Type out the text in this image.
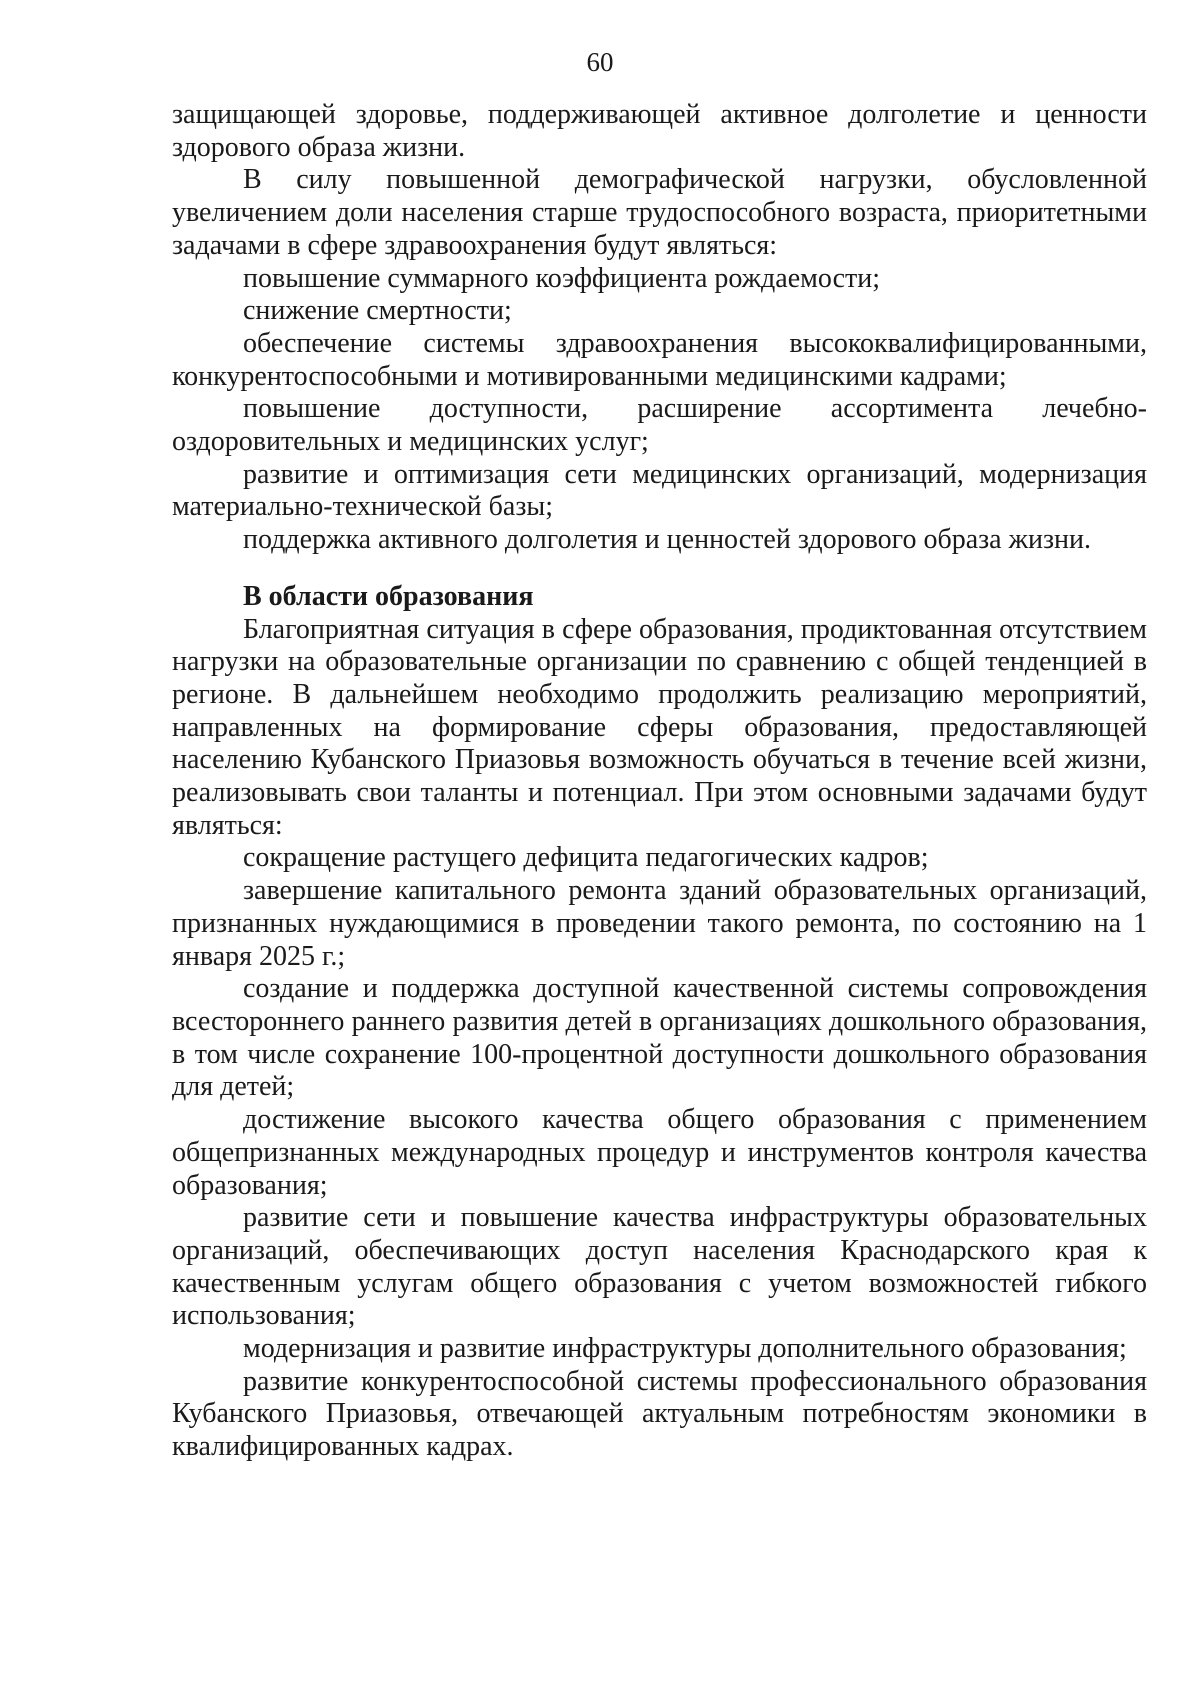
60

защищающей здоровье, поддерживающей активное долголетие и ценности здорового образа жизни.

В силу повышенной демографической нагрузки, обусловленной увеличением доли населения старше трудоспособного возраста, приоритетными задачами в сфере здравоохранения будут являться:

повышение суммарного коэффициента рождаемости;

снижение смертности;

обеспечение системы здравоохранения высококвалифицированными, конкурентоспособными и мотивированными медицинскими кадрами;

повышение доступности, расширение ассортимента лечебно-оздоровительных и медицинских услуг;

развитие и оптимизация сети медицинских организаций, модернизация материально-технической базы;

поддержка активного долголетия и ценностей здорового образа жизни.

В области образования

Благоприятная ситуация в сфере образования, продиктованная отсутствием нагрузки на образовательные организации по сравнению с общей тенденцией в регионе. В дальнейшем необходимо продолжить реализацию мероприятий, направленных на формирование сферы образования, предоставляющей населению Кубанского Приазовья возможность обучаться в течение всей жизни, реализовывать свои таланты и потенциал. При этом основными задачами будут являться:

сокращение растущего дефицита педагогических кадров;

завершение капитального ремонта зданий образовательных организаций, признанных нуждающимися в проведении такого ремонта, по состоянию на 1 января 2025 г.;

создание и поддержка доступной качественной системы сопровождения всестороннего раннего развития детей в организациях дошкольного образования, в том числе сохранение 100-процентной доступности дошкольного образования для детей;

достижение высокого качества общего образования с применением общепризнанных международных процедур и инструментов контроля качества образования;

развитие сети и повышение качества инфраструктуры образовательных организаций, обеспечивающих доступ населения Краснодарского края к качественным услугам общего образования с учетом возможностей гибкого использования;

модернизация и развитие инфраструктуры дополнительного образования;

развитие конкурентоспособной системы профессионального образования Кубанского Приазовья, отвечающей актуальным потребностям экономики в квалифицированных кадрах.
